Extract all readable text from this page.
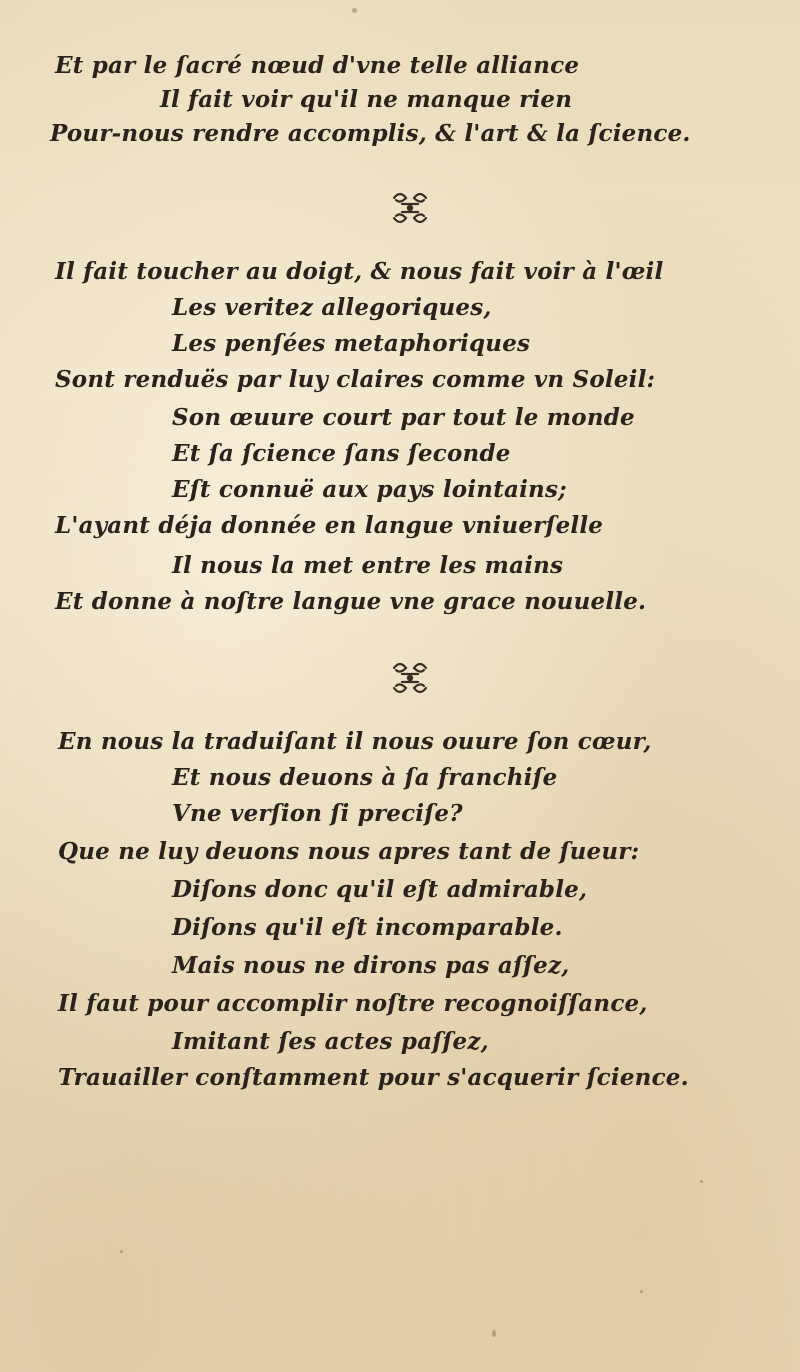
Et par le ſacré nœud d'vne telle alliance
Il fait voir qu'il ne manque rien
Pour-nous rendre accomplis, & l'art & la ſcience.
Il fait toucher au doigt, & nous fait voir à l'œil
Les veritez allegoriques,
Les penſées metaphoriques
Sont renduës par luy claires comme vn Soleil:
Son œuure court par tout le monde
Et ſa ſcience ſans ſeconde
Eſt connuë aux pays lointains;
L'ayant déja donnée en langue vniuerſelle
Il nous la met entre les mains
Et donne à noſtre langue vne grace nouuelle.
En nous la traduiſant il nous ouure ſon cœur,
Et nous deuons à ſa franchiſe
Vne verſion ſi preciſe?
Que ne luy deuons nous apres tant de ſueur:
Diſons donc qu'il eſt admirable,
Diſons qu'il eſt incomparable.
Mais nous ne dirons pas aſſez,
Il faut pour accomplir noſtre recognoiſſance,
Imitant ſes actes paſſez,
Trauailler conſtamment pour s'acquerir ſcience.
